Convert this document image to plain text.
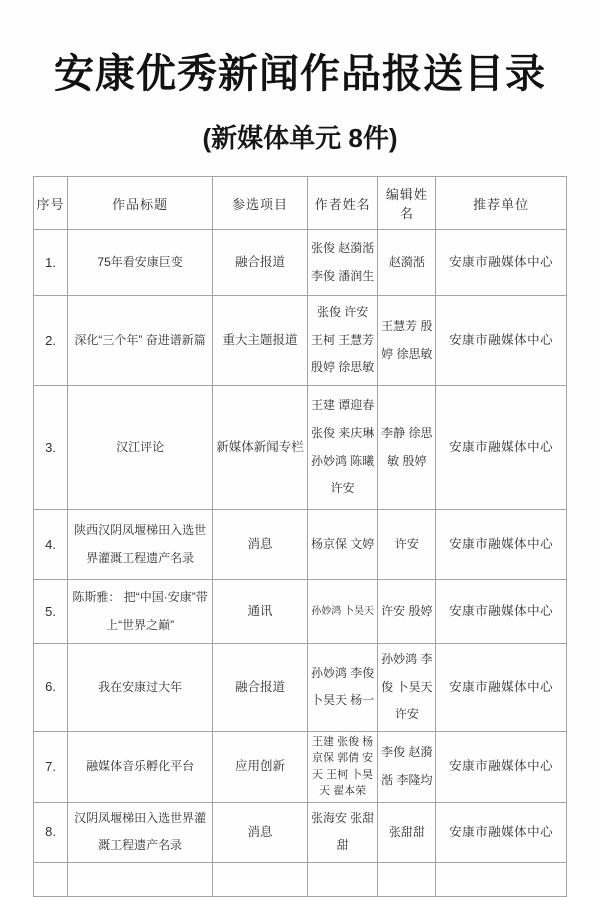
安康优秀新闻作品报送目录
(新媒体单元 8件)
序号	作品标题	参选项目	作者姓名	编辑姓名	推荐单位
1.	75年看安康巨变	融合报道	张俊 赵漪湉 李俊 潘润生	赵漪湉	安康市融媒体中心
2.	深化“三个年” 奋进谱新篇	重大主题报道	张俊 许安 王柯 王慧芳 殷婷 徐思敏	王慧芳 殷婷 徐思敏	安康市融媒体中心
3.	汉江评论	新媒体新闻专栏	王建 谭迎春 张俊 来庆琳 孙妙鸿 陈曦 许安	李静 徐思敏 殷婷	安康市融媒体中心
4.	陕西汉阴凤堰梯田入选世界灌溉工程遗产名录	消息	杨京保 文婷	许安	安康市融媒体中心
5.	陈斯雅： 把“中国·安康”带上“世界之巅”	通讯	孙妙鸿 卜昊天	许安 殷婷	安康市融媒体中心
6.	我在安康过大年	融合报道	孙妙鸿 李俊 卜昊天 杨一	孙妙鸿 李俊 卜昊天 许安	安康市融媒体中心
7.	融媒体音乐孵化平台	应用创新	王建 张俊 杨京保 郭倩 安天 王柯 卜昊天 翟本荣	李俊 赵漪湉 李隆均	安康市融媒体中心
8.	汉阴凤堰梯田入选世界灌溉工程遗产名录	消息	张海安 张甜甜	张甜甜	安康市融媒体中心
